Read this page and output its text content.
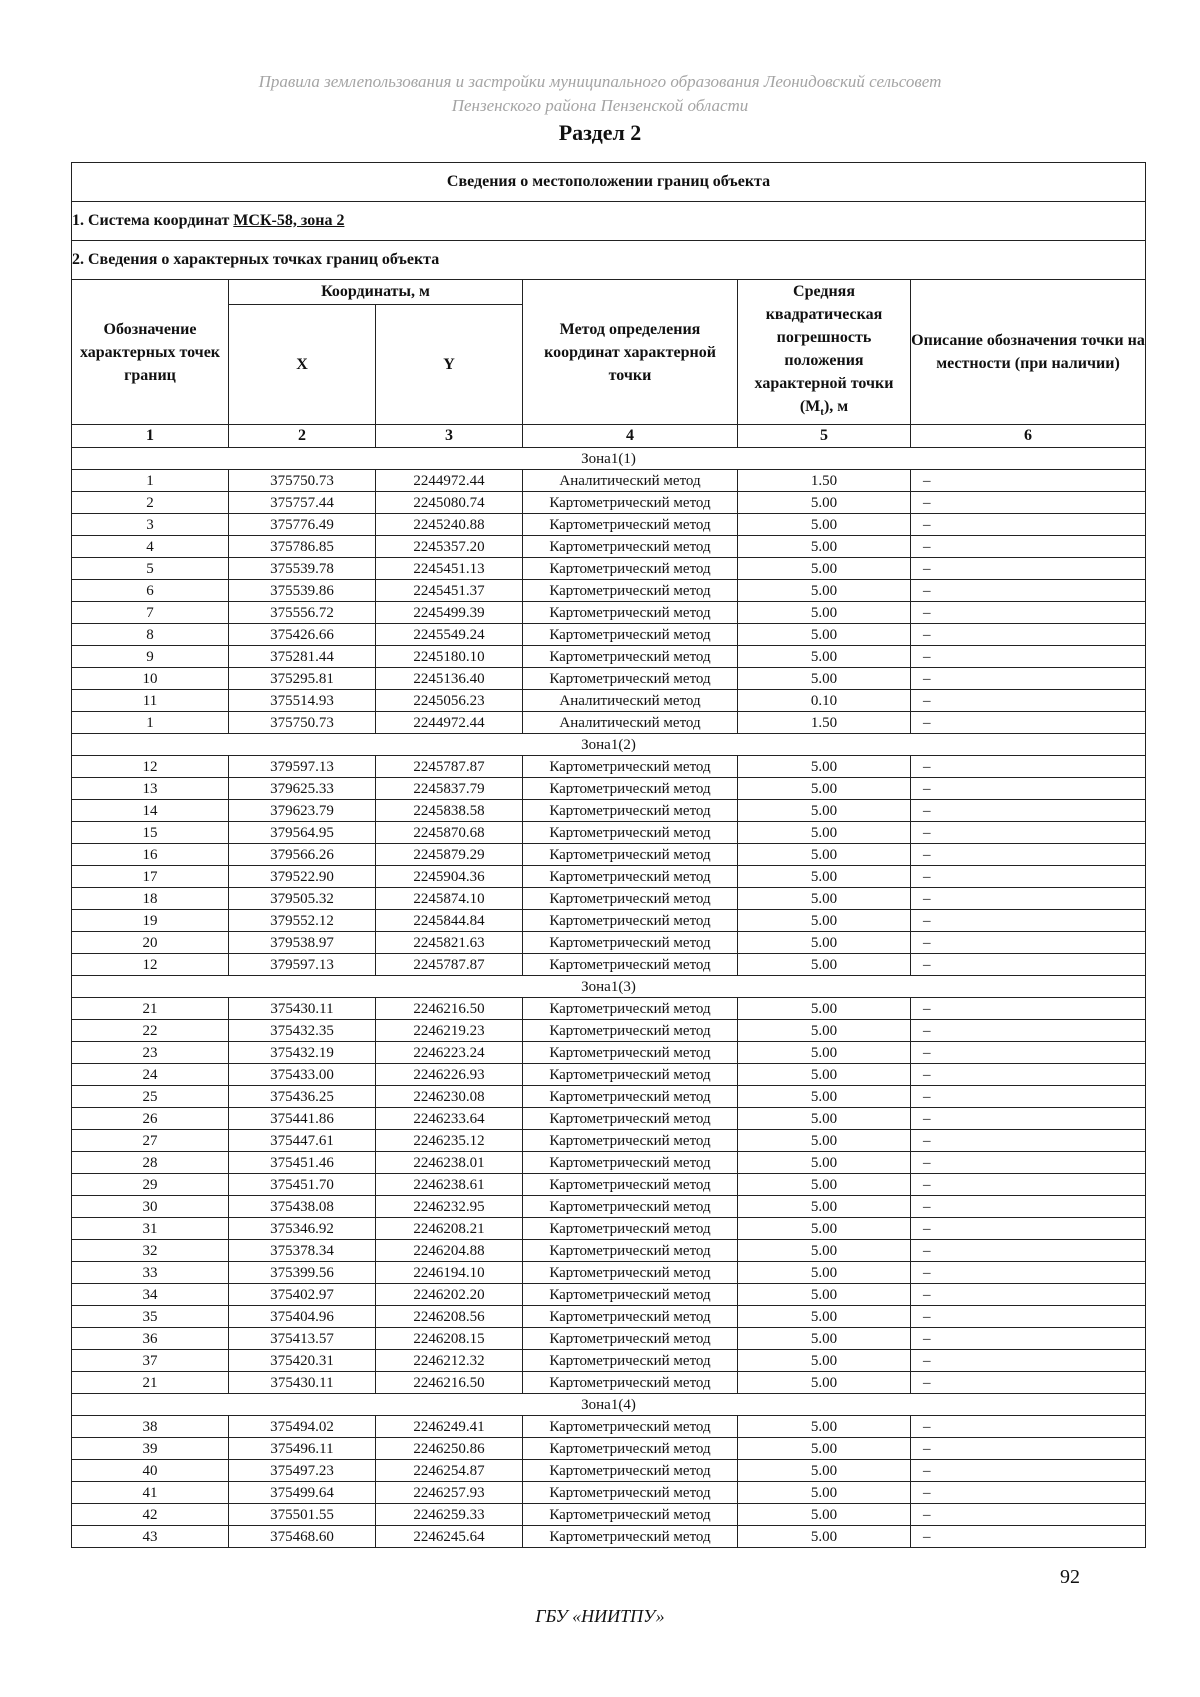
Правила землепользования и застройки муниципального образования Леонидовский сельсовет
Пензенского района Пензенской области
Раздел 2
Сведения о местоположении границ объекта					
1. Система координат МСК-58, зона 2					
2. Сведения о характерных точках границ объекта					
Обозначение характерных точек границ	Координаты, м		Метод определения координат характерной точки	Средняя квадратическая погрешность положения характерной точки $(M_t)$, м	Описание обозначения точки на местности (при наличии)
	X	Y			
1	2	3	4	5	6
Зона1(1)					
1	375750.73	2244972.44	Аналитический метод	1.50	–
2	375757.44	2245080.74	Картометрический метод	5.00	–
3	375776.49	2245240.88	Картометрический метод	5.00	–
4	375786.85	2245357.20	Картометрический метод	5.00	–
5	375539.78	2245451.13	Картометрический метод	5.00	–
6	375539.86	2245451.37	Картометрический метод	5.00	–
7	375556.72	2245499.39	Картометрический метод	5.00	–
8	375426.66	2245549.24	Картометрический метод	5.00	–
9	375281.44	2245180.10	Картометрический метод	5.00	–
10	375295.81	2245136.40	Картометрический метод	5.00	–
11	375514.93	2245056.23	Аналитический метод	0.10	–
1	375750.73	2244972.44	Аналитический метод	1.50	–
Зона1(2)					
12	379597.13	2245787.87	Картометрический метод	5.00	–
13	379625.33	2245837.79	Картометрический метод	5.00	–
14	379623.79	2245838.58	Картометрический метод	5.00	–
15	379564.95	2245870.68	Картометрический метод	5.00	–
16	379566.26	2245879.29	Картометрический метод	5.00	–
17	379522.90	2245904.36	Картометрический метод	5.00	–
18	379505.32	2245874.10	Картометрический метод	5.00	–
19	379552.12	2245844.84	Картометрический метод	5.00	–
20	379538.97	2245821.63	Картометрический метод	5.00	–
12	379597.13	2245787.87	Картометрический метод	5.00	–
Зона1(3)					
21	375430.11	2246216.50	Картометрический метод	5.00	–
22	375432.35	2246219.23	Картометрический метод	5.00	–
23	375432.19	2246223.24	Картометрический метод	5.00	–
24	375433.00	2246226.93	Картометрический метод	5.00	–
25	375436.25	2246230.08	Картометрический метод	5.00	–
26	375441.86	2246233.64	Картометрический метод	5.00	–
27	375447.61	2246235.12	Картометрический метод	5.00	–
28	375451.46	2246238.01	Картометрический метод	5.00	–
29	375451.70	2246238.61	Картометрический метод	5.00	–
30	375438.08	2246232.95	Картометрический метод	5.00	–
31	375346.92	2246208.21	Картометрический метод	5.00	–
32	375378.34	2246204.88	Картометрический метод	5.00	–
33	375399.56	2246194.10	Картометрический метод	5.00	–
34	375402.97	2246202.20	Картометрический метод	5.00	–
35	375404.96	2246208.56	Картометрический метод	5.00	–
36	375413.57	2246208.15	Картометрический метод	5.00	–
37	375420.31	2246212.32	Картометрический метод	5.00	–
21	375430.11	2246216.50	Картометрический метод	5.00	–
Зона1(4)					
38	375494.02	2246249.41	Картометрический метод	5.00	–
39	375496.11	2246250.86	Картометрический метод	5.00	–
40	375497.23	2246254.87	Картометрический метод	5.00	–
41	375499.64	2246257.93	Картометрический метод	5.00	–
42	375501.55	2246259.33	Картометрический метод	5.00	–
43	375468.60	2246245.64	Картометрический метод	5.00	–
92
ГБУ «НИИТПУ»
